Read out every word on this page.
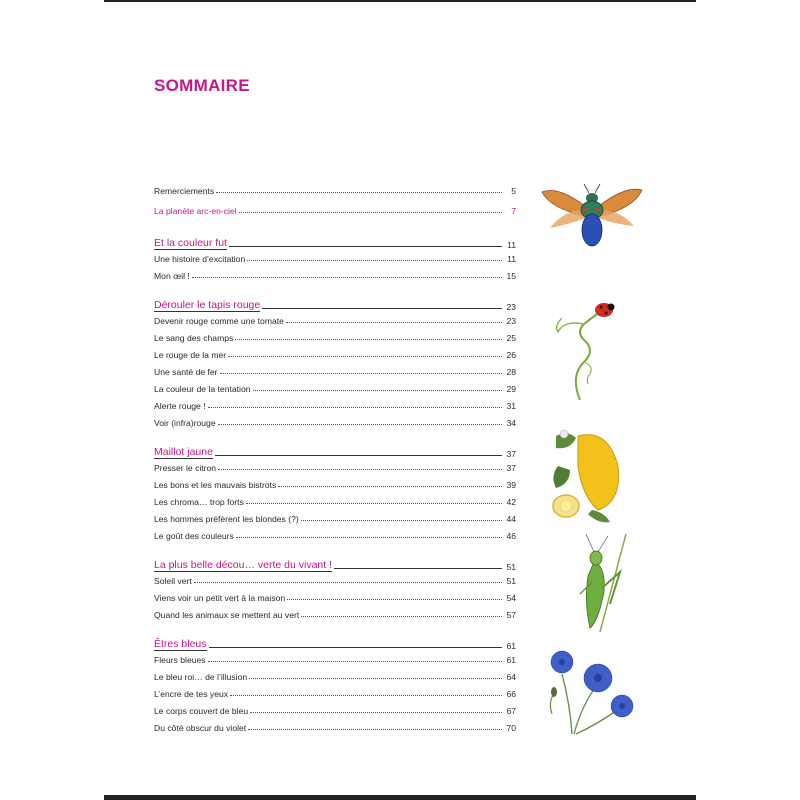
SOMMAIRE
Remerciements	5
La planète arc-en-ciel	7
Et la couleur fut	11
Une histoire d’excitation	11
Mon œil !	15
Dérouler le tapis rouge	23
Devenir rouge comme une tomate	23
Le sang des champs	25
Le rouge de la mer	26
Une santé de fer	28
La couleur de la tentation	29
Alerte rouge !	31
Voir (infra)rouge	34
Maillot jaune	37
Presser le citron	37
Les bons et les mauvais bistrots	39
Les chroma… trop forts	42
Les hommes préfèrent les blondes (?)	44
Le goût des couleurs	46
La plus belle décou… verte du vivant !	51
Soleil vert	51
Viens voir un petit vert à la maison	54
Quand les animaux se mettent au vert	57
Êtres bleus	61
Fleurs bleues	61
Le bleu roi… de l’illusion	64
L’encre de tes yeux	66
Le corps couvert de bleu	67
Du côté obscur du violet	70
